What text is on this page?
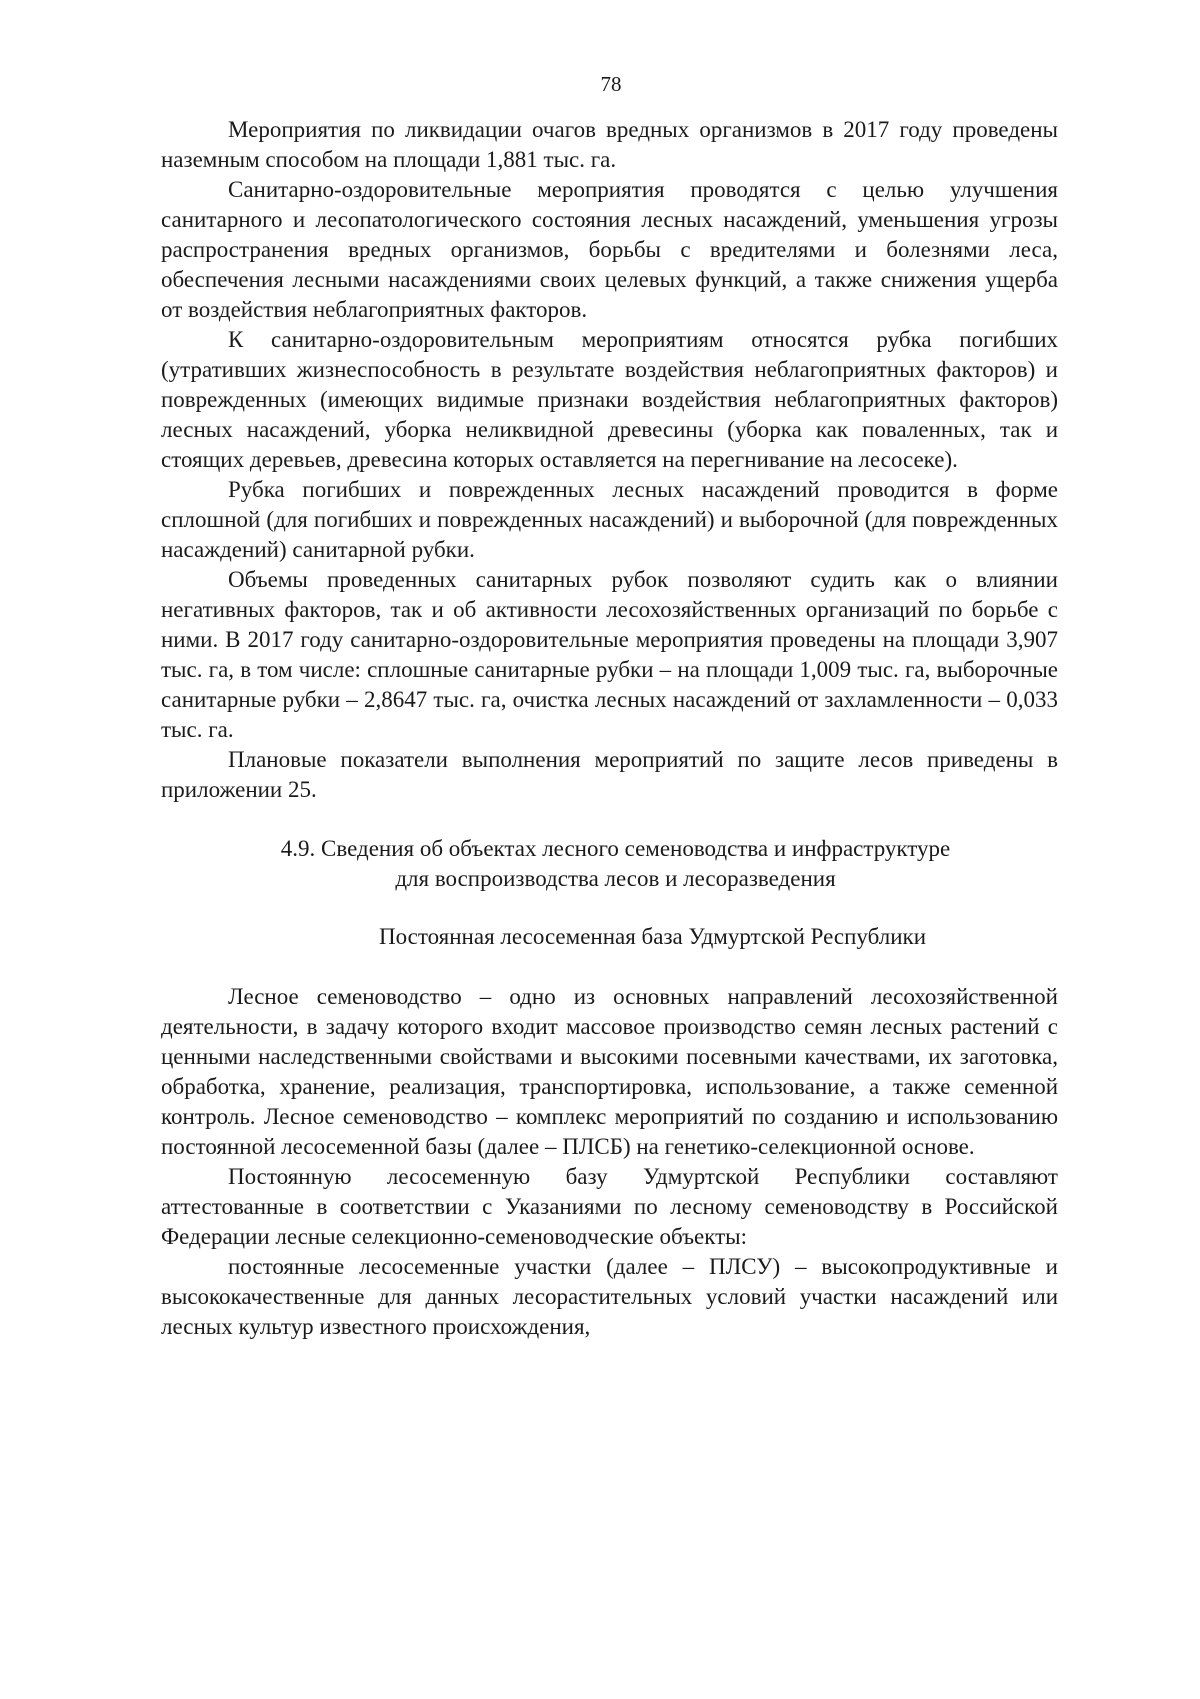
78

Мероприятия по ликвидации очагов вредных организмов в 2017 году проведены наземным способом на площади 1,881 тыс. га.

Санитарно-оздоровительные мероприятия проводятся с целью улучшения санитарного и лесопатологического состояния лесных насаждений, уменьшения угрозы распространения вредных организмов, борьбы с вредителями и болезнями леса, обеспечения лесными насаждениями своих целевых функций, а также снижения ущерба от воздействия неблагоприятных факторов.

К санитарно-оздоровительным мероприятиям относятся рубка погибших (утративших жизнеспособность в результате воздействия неблагоприятных факторов) и поврежденных (имеющих видимые признаки воздействия неблагоприятных факторов) лесных насаждений, уборка неликвидной древесины (уборка как поваленных, так и стоящих деревьев, древесина которых оставляется на перегнивание на лесосеке).

Рубка погибших и поврежденных лесных насаждений проводится в форме сплошной (для погибших и поврежденных насаждений) и выборочной (для поврежденных насаждений) санитарной рубки.

Объемы проведенных санитарных рубок позволяют судить как о влиянии негативных факторов, так и об активности лесохозяйственных организаций по борьбе с ними. В 2017 году санитарно-оздоровительные мероприятия проведены на площади 3,907 тыс. га, в том числе: сплошные санитарные рубки – на площади 1,009 тыс. га, выборочные санитарные рубки – 2,8647 тыс. га, очистка лесных насаждений от захламленности – 0,033 тыс. га.

Плановые показатели выполнения мероприятий по защите лесов приведены в приложении 25.

4.9. Сведения об объектах лесного семеноводства и инфраструктуре
для воспроизводства лесов и лесоразведения
Постоянная лесосеменная база Удмуртской Республики

Лесное семеноводство – одно из основных направлений лесохозяйственной деятельности, в задачу которого входит массовое производство семян лесных растений с ценными наследственными свойствами и высокими посевными качествами, их заготовка, обработка, хранение, реализация, транспортировка, использование, а также семенной контроль. Лесное семеноводство – комплекс мероприятий по созданию и использованию постоянной лесосеменной базы (далее – ПЛСБ) на генетико-селекционной основе.

Постоянную лесосеменную базу Удмуртской Республики составляют аттестованные в соответствии с Указаниями по лесному семеноводству в Российской Федерации лесные селекционно-семеноводческие объекты:

постоянные лесосеменные участки (далее – ПЛСУ) – высокопродуктивные и высококачественные для данных лесорастительных условий участки насаждений или лесных культур известного происхождения,
